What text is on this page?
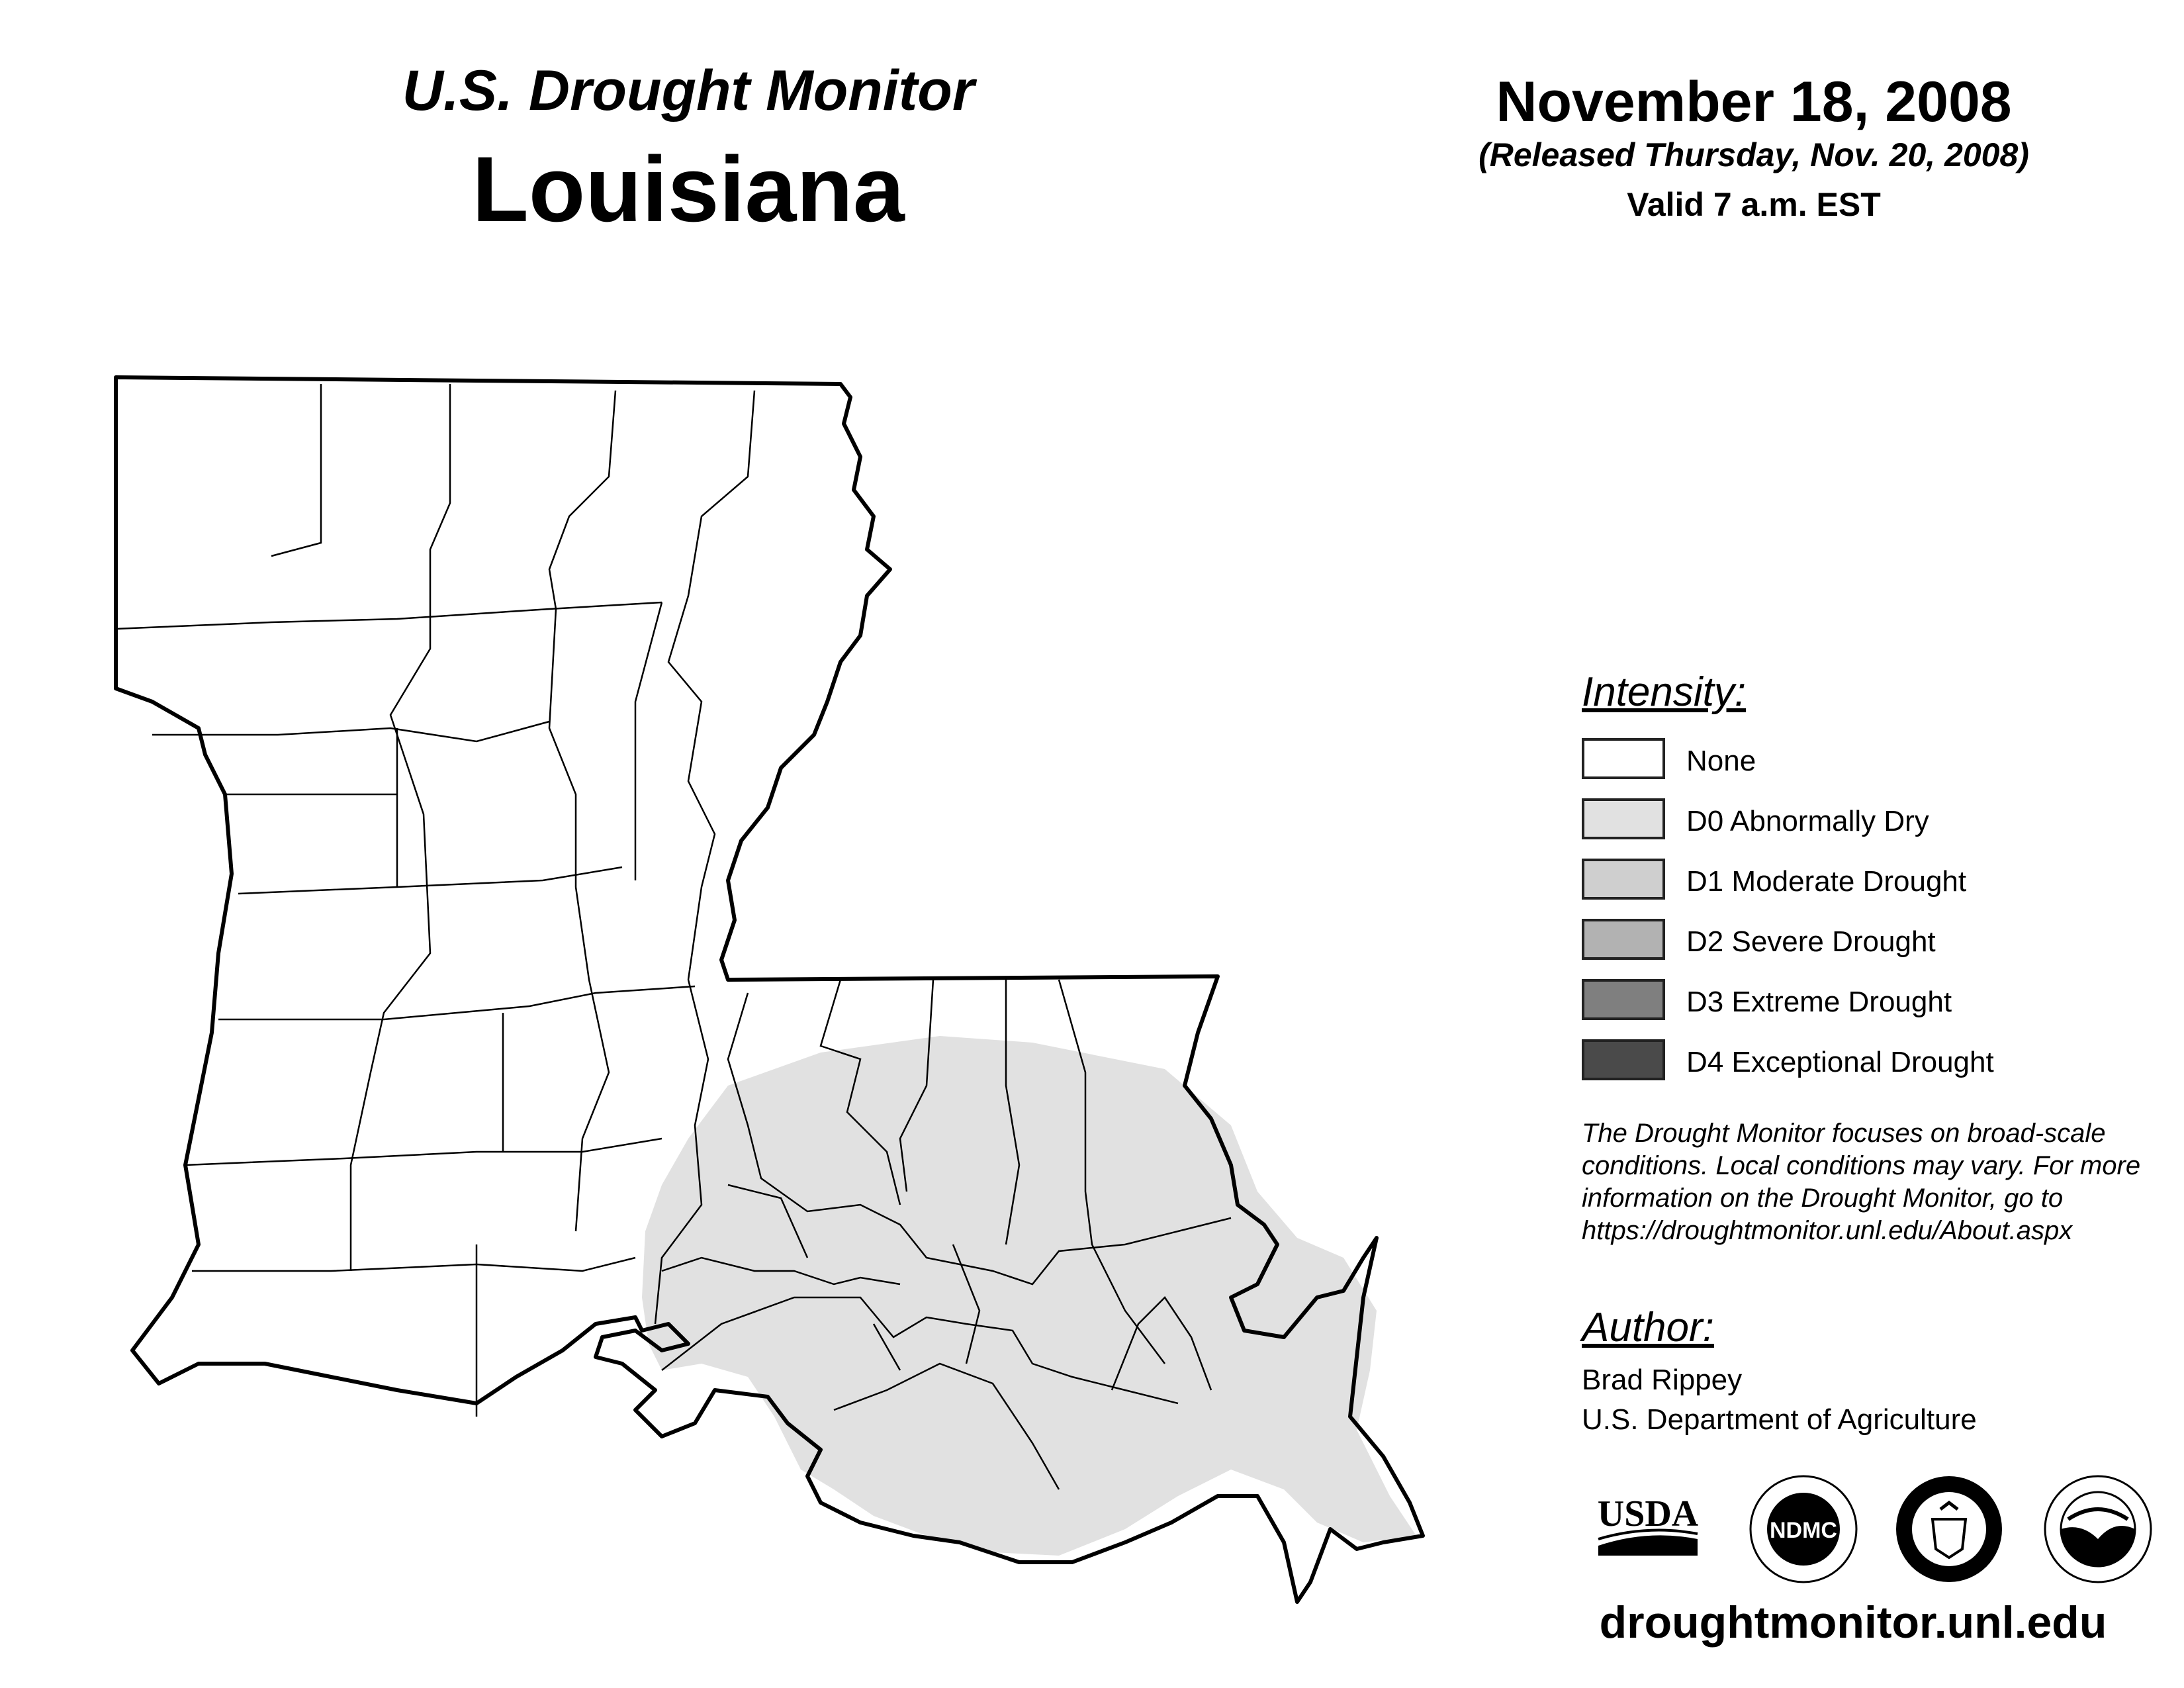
U.S. Drought Monitor
Louisiana
November 18, 2008
(Released Thursday, Nov. 20, 2008)
Valid 7 a.m. EST
Intensity:
None
D0 Abnormally Dry
D1 Moderate Drought
D2 Severe Drought
D3 Extreme Drought
D4 Exceptional Drought
The Drought Monitor focuses on broad-scale conditions. Local conditions may vary. For more information on the Drought Monitor, go to https://droughtmonitor.unl.edu/About.aspx
Author:
Brad Rippey
U.S. Department of Agriculture
USDA	NDMC
droughtmonitor.unl.edu
